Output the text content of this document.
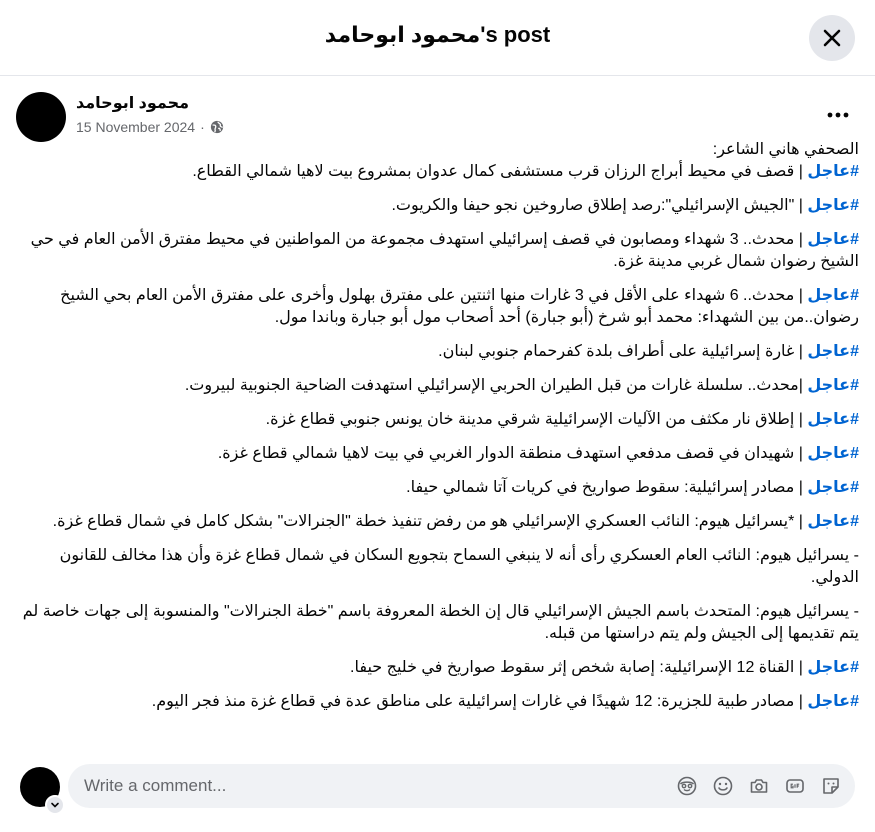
محمود ابوحامد's post
محمود ابوحامد
15 November 2024 ·

الصحفي هاني الشاعر:

#عاجل | قصف في محيط أبراج الرزان قرب مستشفى كمال عدوان بمشروع بيت لاهيا شمالي القطاع.

#عاجل | "الجيش الإسرائيلي":رصد إطلاق صاروخين نجو حيفا والكريوت.

#عاجل | محدث.. 3 شهداء ومصابون في قصف إسرائيلي استهدف مجموعة من المواطنين في محيط مفترق الأمن العام في حي الشيخ رضوان شمال غربي مدينة غزة.

#عاجل | محدث.. 6 شهداء على الأقل في 3 غارات منها اثنتين على مفترق بهلول وأخرى على مفترق الأمن العام بحي الشيخ رضوان..من بين الشهداء: محمد أبو شرخ (أبو جبارة) أحد أصحاب مول أبو جبارة وباندا مول.

#عاجل | غارة إسرائيلية على أطراف بلدة كفرحمام جنوبي لبنان.

#عاجل |محدث.. سلسلة غارات من قبل الطيران الحربي الإسرائيلي استهدفت الضاحية الجنوبية لبيروت.

#عاجل | إطلاق نار مكثف من الآليات الإسرائيلية شرقي مدينة خان يونس جنوبي قطاع غزة.

#عاجل | شهيدان في قصف مدفعي استهدف منطقة الدوار الغربي في بيت لاهيا شمالي قطاع غزة.

#عاجل | مصادر إسرائيلية: سقوط صواريخ في كريات آتا شمالي حيفا.

#عاجل | *يسرائيل هيوم: النائب العسكري الإسرائيلي هو من رفض تنفيذ خطة "الجنرالات" بشكل كامل في شمال قطاع غزة.

- يسرائيل هيوم: النائب العام العسكري رأى أنه لا ينبغي السماح بتجويع السكان في شمال قطاع غزة وأن هذا مخالف للقانون الدولي.

- يسرائيل هيوم: المتحدث باسم الجيش الإسرائيلي قال إن الخطة المعروفة باسم "خطة الجنرالات" والمنسوبة إلى جهات خاصة لم يتم تقديمها إلى الجيش ولم يتم دراستها من قبله.

#عاجل | القناة 12 الإسرائيلية: إصابة شخص إثر سقوط صواريخ في خليج حيفا.

#عاجل | مصادر طبية للجزيرة: 12 شهيدًا في غارات إسرائيلية على مناطق عدة في قطاع غزة منذ فجر اليوم.

Write a comment...
